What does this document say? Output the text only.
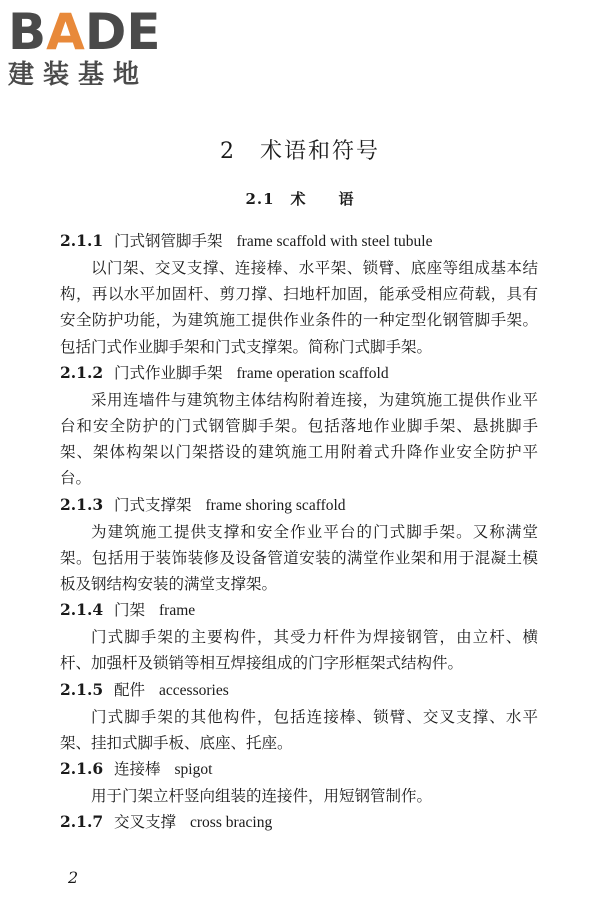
BADE
建装基地
2　术语和符号
2.1　术　　语
2.1.1 门式钢管脚手架 frame scaffold with steel tubule

以门架、交叉支撑、连接棒、水平架、锁臂、底座等组成基本结构，再以水平加固杆、剪刀撑、扫地杆加固，能承受相应荷载，具有安全防护功能，为建筑施工提供作业条件的一种定型化钢管脚手架。包括门式作业脚手架和门式支撑架。简称门式脚手架。

2.1.2 门式作业脚手架 frame operation scaffold

采用连墙件与建筑物主体结构附着连接，为建筑施工提供作业平台和安全防护的门式钢管脚手架。包括落地作业脚手架、悬挑脚手架、架体构架以门架搭设的建筑施工用附着式升降作业安全防护平台。

2.1.3 门式支撑架 frame shoring scaffold

为建筑施工提供支撑和安全作业平台的门式脚手架。又称满堂架。包括用于装饰装修及设备管道安装的满堂作业架和用于混凝土模板及钢结构安装的满堂支撑架。

2.1.4 门架 frame

门式脚手架的主要构件，其受力杆件为焊接钢管，由立杆、横杆、加强杆及锁销等相互焊接组成的门字形框架式结构件。

2.1.5 配件 accessories

门式脚手架的其他构件，包括连接棒、锁臂、交叉支撑、水平架、挂扣式脚手板、底座、托座。

2.1.6 连接棒 spigot

用于门架立杆竖向组装的连接件，用短钢管制作。

2.1.7 交叉支撑 cross bracing
2
